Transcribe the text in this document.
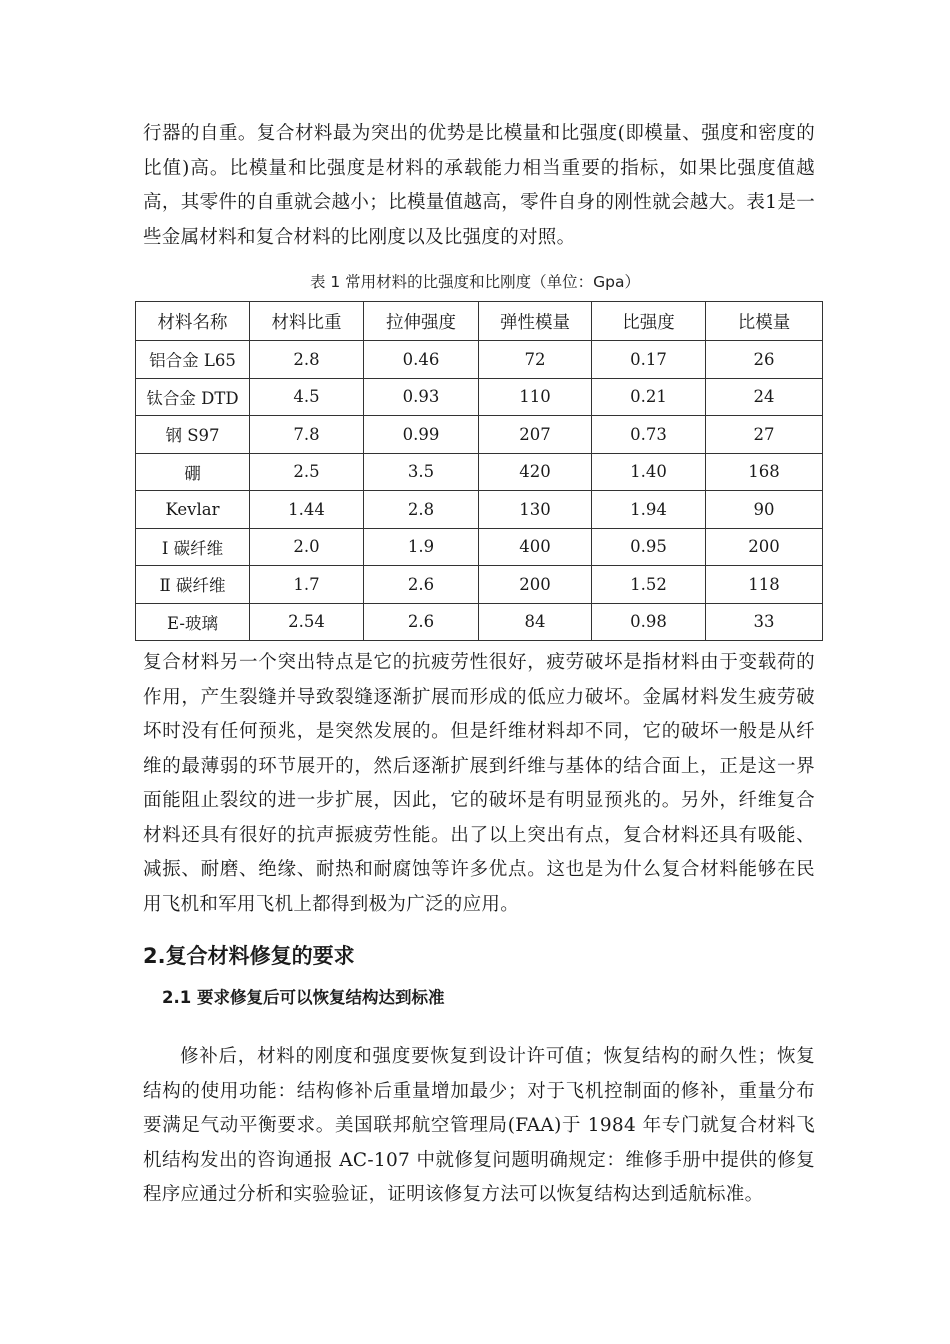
行器的自重。复合材料最为突出的优势是比模量和比强度(即模量、强度和密度的比值)高。比模量和比强度是材料的承载能力相当重要的指标，如果比强度值越高，其零件的自重就会越小；比模量值越高，零件自身的刚性就会越大。表1是一些金属材料和复合材料的比刚度以及比强度的对照。

表 1 常用材料的比强度和比刚度（单位：Gpa）
材料名称	材料比重	拉伸强度	弹性模量	比强度	比模量
铝合金 L65	2.8	0.46	72	0.17	26
钛合金 DTD	4.5	0.93	110	0.21	24
钢 S97	7.8	0.99	207	0.73	27
硼	2.5	3.5	420	1.40	168
Kevlar	1.44	2.8	130	1.94	90
Ⅰ 碳纤维	2.0	1.9	400	0.95	200
Ⅱ 碳纤维	1.7	2.6	200	1.52	118
E-玻璃	2.54	2.6	84	0.98	33

复合材料另一个突出特点是它的抗疲劳性很好，疲劳破坏是指材料由于变载荷的作用，产生裂缝并导致裂缝逐渐扩展而形成的低应力破坏。金属材料发生疲劳破坏时没有任何预兆，是突然发展的。但是纤维材料却不同，它的破坏一般是从纤维的最薄弱的环节展开的，然后逐渐扩展到纤维与基体的结合面上，正是这一界面能阻止裂纹的进一步扩展，因此，它的破坏是有明显预兆的。另外，纤维复合材料还具有很好的抗声振疲劳性能。出了以上突出有点，复合材料还具有吸能、减振、耐磨、绝缘、耐热和耐腐蚀等许多优点。这也是为什么复合材料能够在民用飞机和军用飞机上都得到极为广泛的应用。

2.复合材料修复的要求
2.1 要求修复后可以恢复结构达到标准

修补后，材料的刚度和强度要恢复到设计许可值；恢复结构的耐久性；恢复结构的使用功能：结构修补后重量增加最少；对于飞机控制面的修补，重量分布要满足气动平衡要求。美国联邦航空管理局(FAA)于 1984 年专门就复合材料飞机结构发出的咨询通报 AC-107 中就修复问题明确规定：维修手册中提供的修复程序应通过分析和实验验证，证明该修复方法可以恢复结构达到适航标准。
